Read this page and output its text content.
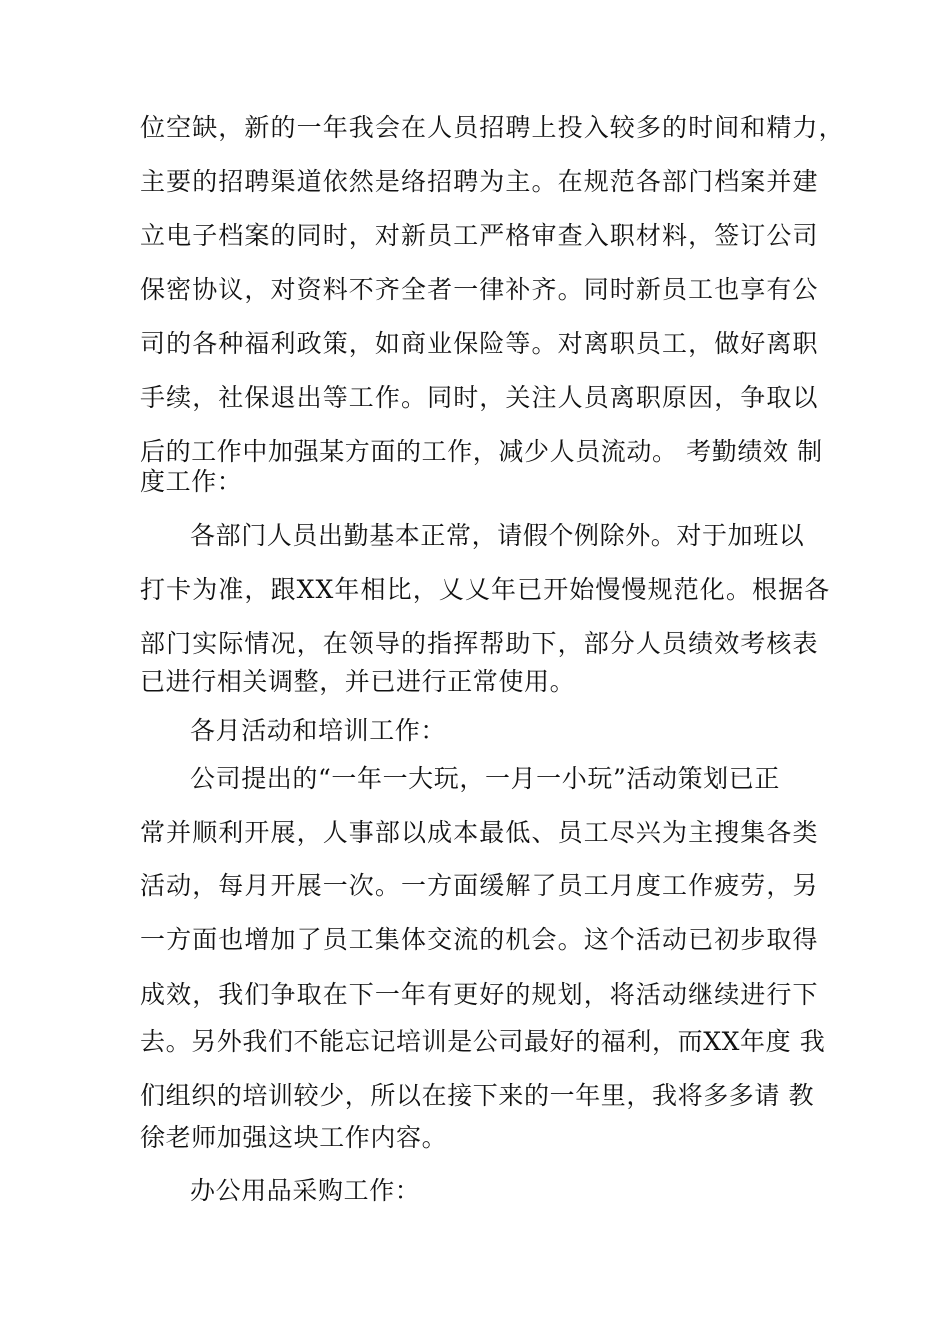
位空缺，新的一年我会在人员招聘上投入较多的时间和精力，
主要的招聘渠道依然是络招聘为主。在规范各部门档案并建
立电子档案的同时，对新员工严格审查入职材料，签订公司
保密协议，对资料不齐全者一律补齐。同时新员工也享有公
司的各种福利政策，如商业保险等。对离职员工，做好离职
手续，社保退出等工作。同时，关注人员离职原因，争取以
后的工作中加强某方面的工作，减少人员流动。 考勤绩效 制
度工作：
各部门人员出勤基本正常，请假个例除外。对于加班以
打卡为准，跟XX年相比，乂乂年已开始慢慢规范化。根据各
部门实际情况，在领导的指挥帮助下，部分人员绩效考核表
已进行相关调整，并已进行正常使用。
各月活动和培训工作：
公司提出的“一年一大玩，一月一小玩”活动策划已正
常并顺利开展，人事部以成本最低、员工尽兴为主搜集各类
活动，每月开展一次。一方面缓解了员工月度工作疲劳，另
一方面也增加了员工集体交流的机会。这个活动已初步取得
成效，我们争取在下一年有更好的规划，将活动继续进行下
去。另外我们不能忘记培训是公司最好的福利，而XX年度 我
们组织的培训较少，所以在接下来的一年里，我将多多请 教
徐老师加强这块工作内容。
办公用品采购工作：
